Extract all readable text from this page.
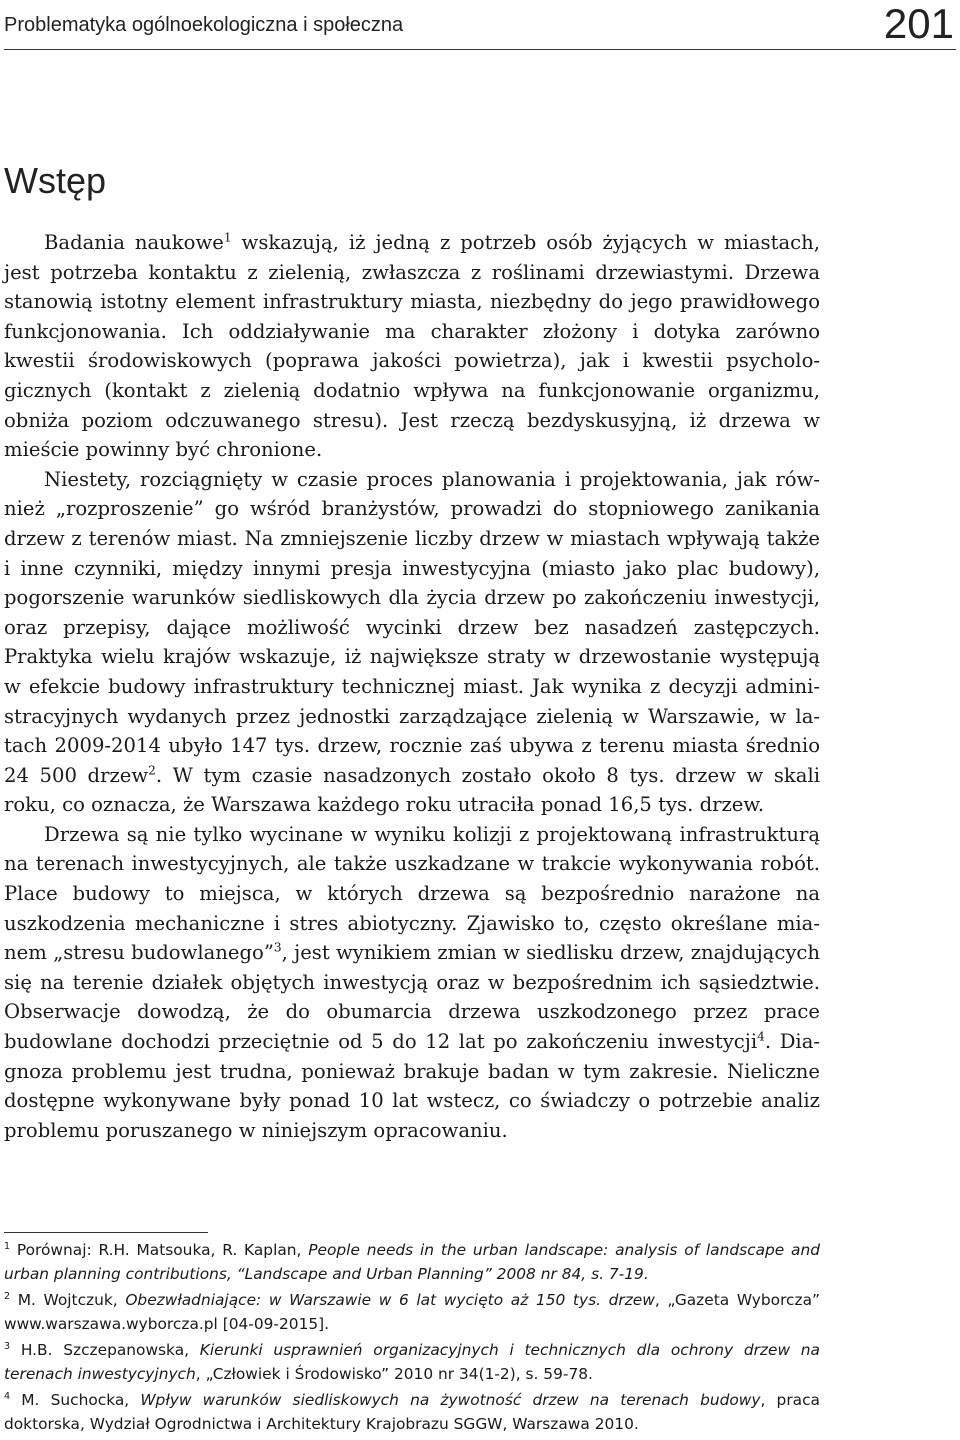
Problematyka ogólnoekologiczna i społeczna	201
Wstęp

Badania naukowe$^1$ wskazują, iż jedną z potrzeb osób żyjących w miastach, jest potrzeba kontaktu z zielenią, zwłaszcza z roślinami drzewiastymi. Drzewa stanowią istotny element infrastruktury miasta, niezbędny do jego prawidłowego funkcjonowania. Ich oddziaływanie ma charakter złożony i dotyka zarówno kwestii środowiskowych (poprawa jakości powietrza), jak i kwestii psychologicznych (kontakt z zielenią dodatnio wpływa na funkcjonowanie organizmu, obniża poziom odczuwanego stresu). Jest rzeczą bezdyskusyjną, iż drzewa w mieście powinny być chronione.

Niestety, rozciągnięty w czasie proces planowania i projektowania, jak również „rozproszenie” go wśród branżystów, prowadzi do stopniowego zanikania drzew z terenów miast. Na zmniejszenie liczby drzew w miastach wpływają także i inne czynniki, między innymi presja inwestycyjna (miasto jako plac budowy), pogorszenie warunków siedliskowych dla życia drzew po zakończeniu inwestycji, oraz przepisy, dające możliwość wycinki drzew bez nasadzeń zastępczych. Praktyka wielu krajów wskazuje, iż największe straty w drzewostanie występują w efekcie budowy infrastruktury technicznej miast. Jak wynika z decyzji administracyjnych wydanych przez jednostki zarządzające zielenią w Warszawie, w latach 2009-2014 ubyło 147 tys. drzew, rocznie zaś ubywa z terenu miasta średnio 24 500 drzew$^2$. W tym czasie nasadzonych zostało około 8 tys. drzew w skali roku, co oznacza, że Warszawa każdego roku utraciła ponad 16,5 tys. drzew.

Drzewa są nie tylko wycinane w wyniku kolizji z projektowaną infrastrukturą na terenach inwestycyjnych, ale także uszkadzane w trakcie wykonywania robót. Place budowy to miejsca, w których drzewa są bezpośrednio narażone na uszkodzenia mechaniczne i stres abiotyczny. Zjawisko to, często określane mianem „stresu budowlanego”$^3$, jest wynikiem zmian w siedlisku drzew, znajdujących się na terenie działek objętych inwestycją oraz w bezpośrednim ich sąsiedztwie. Obserwacje dowodzą, że do obumarcia drzewa uszkodzonego przez prace budowlane dochodzi przeciętnie od 5 do 12 lat po zakończeniu inwestycji$^4$. Diagnoza problemu jest trudna, ponieważ brakuje badan w tym zakresie. Nieliczne dostępne wykonywane były ponad 10 lat wstecz, co świadczy o potrzebie analiz problemu poruszanego w niniejszym opracowaniu.

$^1$ Porównaj: R.H. Matsouka, R. Kaplan, People needs in the urban landscape: analysis of landscape and urban planning contributions, “Landscape and Urban Planning” 2008 nr 84, s. 7-19.

$^2$ M. Wojtczuk, Obezwładniające: w Warszawie w 6 lat wycięto aż 150 tys. drzew, „Gazeta Wyborcza” www.warszawa.wyborcza.pl [04-09-2015].

$^3$ H.B. Szczepanowska, Kierunki usprawnień organizacyjnych i technicznych dla ochrony drzew na terenach inwestycyjnych, „Człowiek i Środowisko” 2010 nr 34(1-2), s. 59-78.

$^4$ M. Suchocka, Wpływ warunków siedliskowych na żywotność drzew na terenach budowy, praca doktorska, Wydział Ogrodnictwa i Architektury Krajobrazu SGGW, Warszawa 2010.
